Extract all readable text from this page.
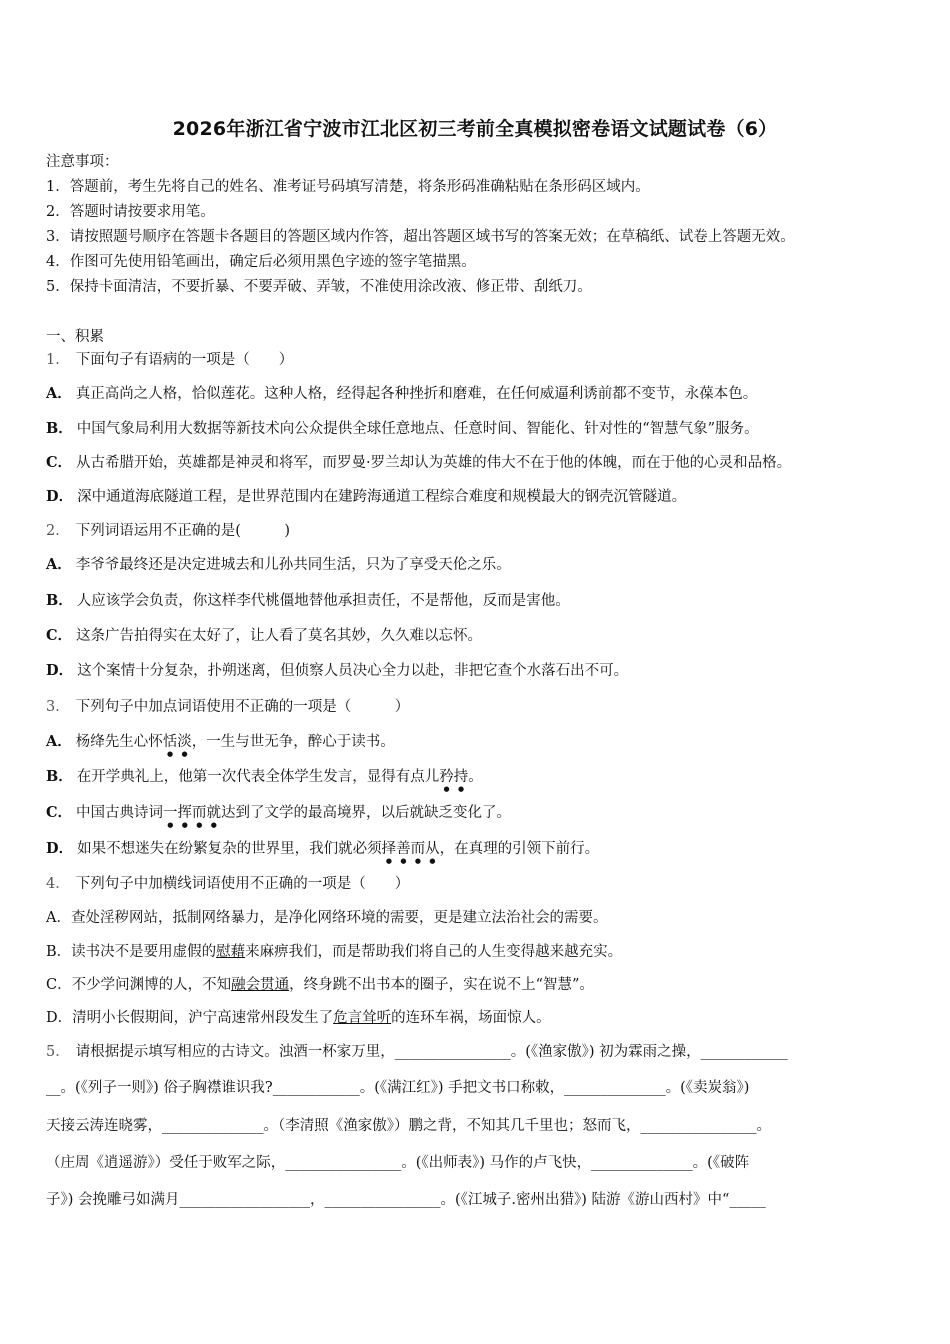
2026年浙江省宁波市江北区初三考前全真模拟密卷语文试题试卷（6）
注意事项：
1．答题前，考生先将自己的姓名、准考证号码填写清楚，将条形码准确粘贴在条形码区域内。
2．答题时请按要求用笔。
3．请按照题号顺序在答题卡各题目的答题区域内作答，超出答题区域书写的答案无效；在草稿纸、试卷上答题无效。
4．作图可先使用铅笔画出，确定后必须用黑色字迹的签字笔描黑。
5．保持卡面清洁，不要折暴、不要弄破、弄皱，不准使用涂改液、修正带、刮纸刀。
一、积累
1． 下面句子有语病的一项是（　　）
A． 真正高尚之人格，恰似莲花。这种人格，经得起各种挫折和磨难，在任何威逼利诱前都不变节，永葆本色。
B． 中国气象局利用大数据等新技术向公众提供全球任意地点、任意时间、智能化、针对性的“智慧气象”服务。
C． 从古希腊开始，英雄都是神灵和将军，而罗曼·罗兰却认为英雄的伟大不在于他的体魄，而在于他的心灵和品格。
D． 深中通道海底隧道工程，是世界范围内在建跨海通道工程综合难度和规模最大的钢壳沉管隧道。
2． 下列词语运用不正确的是(　　　)
A． 李爷爷最终还是决定进城去和儿孙共同生活，只为了享受天伦之乐。
B． 人应该学会负责，你这样李代桃僵地替他承担责任，不是帮他，反而是害他。
C． 这条广告拍得实在太好了，让人看了莫名其妙，久久难以忘怀。
D． 这个案情十分复杂，扑朔迷离，但侦察人员决心全力以赴，非把它查个水落石出不可。
3． 下列句子中加点词语使用不正确的一项是（　　　）
A． 杨绛先生心怀恬淡，一生与世无争，醉心于读书。
B． 在开学典礼上，他第一次代表全体学生发言，显得有点儿矜持。
C． 中国古典诗词一挥而就达到了文学的最高境界，以后就缺乏变化了。
D． 如果不想迷失在纷繁复杂的世界里，我们就必须择善而从，在真理的引领下前行。
4． 下列句子中加横线词语使用不正确的一项是（　　）
A．查处淫秽网站，抵制网络暴力，是净化网络环境的需要，更是建立法治社会的需要。
B．读书决不是要用虚假的慰藉来麻痹我们，而是帮助我们将自己的人生变得越来越充实。
C．不少学问渊博的人，不知融会贯通，终身跳不出书本的圈子，实在说不上“智慧”。
D．清明小长假期间，沪宁高速常州段发生了危言耸听的连环车祸，场面惊人。
5． 请根据提示填写相应的古诗文。浊酒一杯家万里，________________。(《渔家傲》) 初为霖雨之操，____________
__。(《列子一则》) 俗子胸襟谁识我?____________。(《满江红》) 手把文书口称敕，______________。(《卖炭翁》)
天接云涛连晓雾，______________。（李清照《渔家傲》）鹏之背，不知其几千里也；怒而飞，________________。
（庄周《逍遥游》）受任于败军之际，________________。(《出师表》) 马作的卢飞快，______________。(《破阵
子》) 会挽雕弓如满月__________________，________________。(《江城子.密州出猎》) 陆游《游山西村》中“_____
